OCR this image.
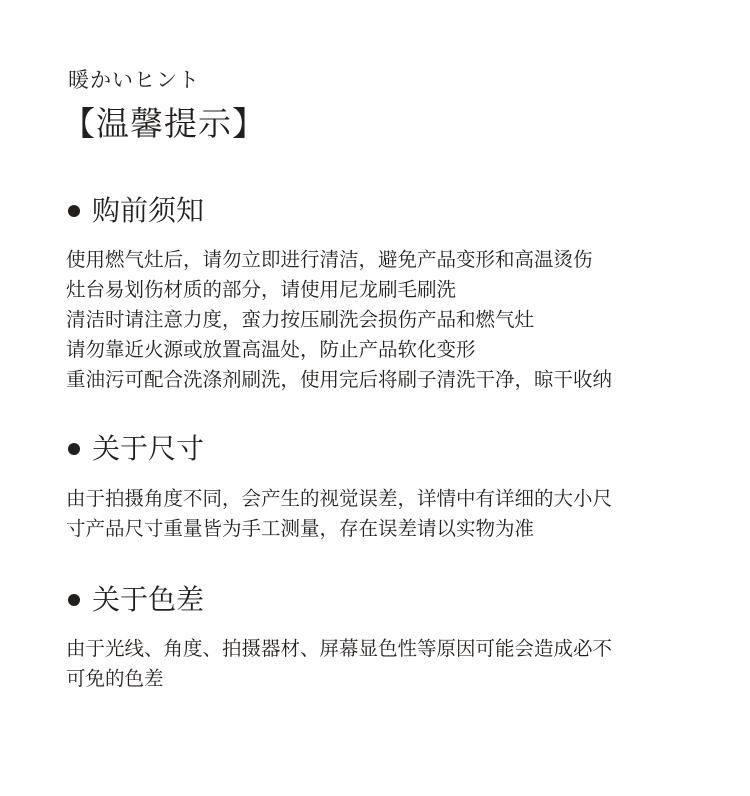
暖かいヒント
【温馨提示】
购前须知
使用燃气灶后，请勿立即进行清洁，避免产品变形和高温烫伤
灶台易划伤材质的部分，请使用尼龙刷毛刷洗
清洁时请注意力度，蛮力按压刷洗会损伤产品和燃气灶
请勿靠近火源或放置高温处，防止产品软化变形
重油污可配合洗涤剂刷洗，使用完后将刷子清洗干净，晾干收纳
关于尺寸
由于拍摄角度不同，会产生的视觉误差，详情中有详细的大小尺
寸产品尺寸重量皆为手工测量，存在误差请以实物为准
关于色差
由于光线、角度、拍摄器材、屏幕显色性等原因可能会造成必不
可免的色差
